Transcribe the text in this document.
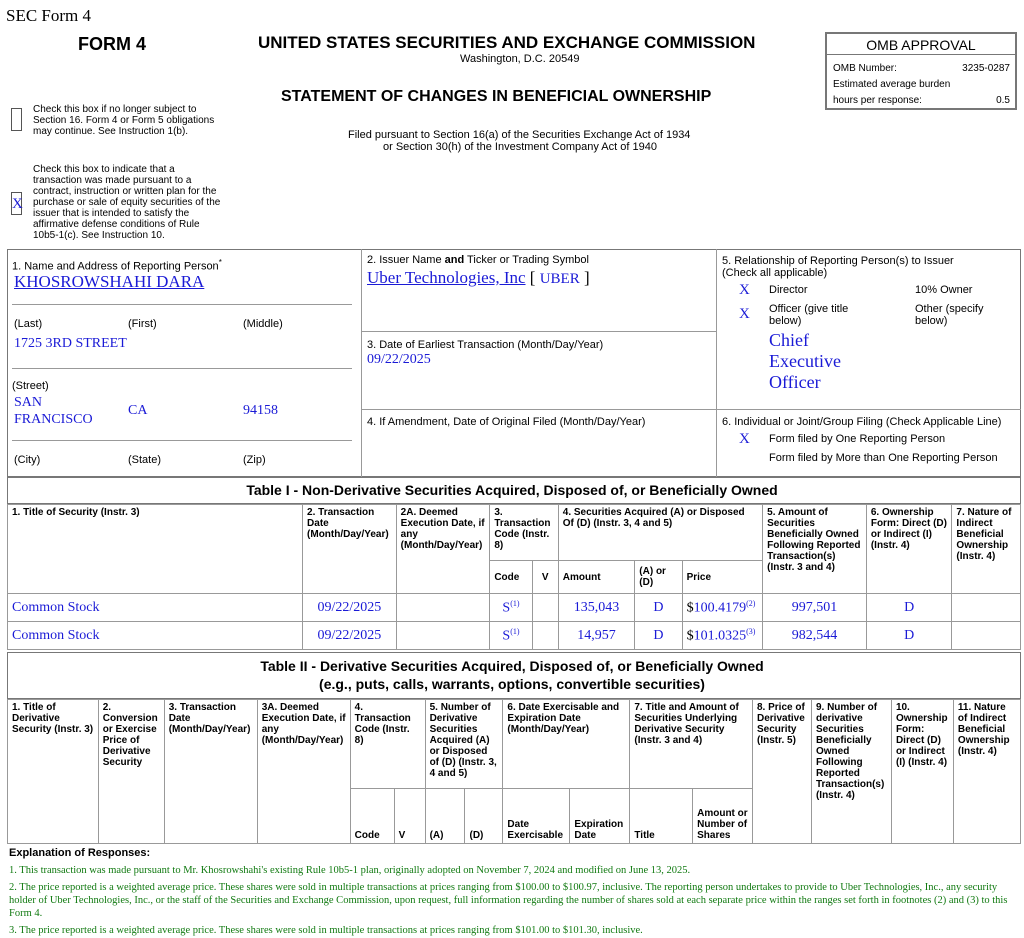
SEC Form 4
FORM 4	UNITED STATES SECURITIES AND EXCHANGE COMMISSION
Washington, D.C. 20549
STATEMENT OF CHANGES IN BENEFICIAL OWNERSHIP
Filed pursuant to Section 16(a) of the Securities Exchange Act of 1934
or Section 30(h) of the Investment Company Act of 1940
OMB APPROVAL
OMB Number:	3235-0287
Estimated average burden
hours per response:	0.5
Check this box if no longer subject to Section 16. Form 4 or Form 5 obligations may continue. See Instruction 1(b).
X
Check this box to indicate that a transaction was made pursuant to a contract, instruction or written plan for the purchase or sale of equity securities of the issuer that is intended to satisfy the affirmative defense conditions of Rule 10b5-1(c). See Instruction 10.
1. Name and Address of Reporting Person*
KHOSROWSHAHI DARA
(Last)	(First)	(Middle)
1725 3RD STREET
(Street)
SAN
FRANCISCO
CA	94158
(City)	(State)	(Zip)
2. Issuer Name and Ticker or Trading Symbol
Uber Technologies, Inc [ UBER ]
3. Date of Earliest Transaction (Month/Day/Year)
09/22/2025
4. If Amendment, Date of Original Filed (Month/Day/Year)
5. Relationship of Reporting Person(s) to Issuer
(Check all applicable)
X Director	10% Owner
X Officer (give title below)
Other (specify below)
Chief
Executive
Officer
6. Individual or Joint/Group Filing (Check Applicable Line)
X Form filed by One Reporting Person
Form filed by More than One Reporting Person
Table I - Non-Derivative Securities Acquired, Disposed of, or Beneficially Owned
1. Title of Security (Instr. 3)	2. Transaction Date (Month/Day/Year)	2A. Deemed Execution Date, if any (Month/Day/Year)	3. Transaction Code (Instr. 8)		4. Securities Acquired (A) or Disposed Of (D) (Instr. 3, 4 and 5)			5. Amount of Securities Beneficially Owned Following Reported Transaction(s) (Instr. 3 and 4)	6. Ownership Form: Direct (D) or Indirect (I) (Instr. 4)	7. Nature of Indirect Beneficial Ownership (Instr. 4)
			Code	V	Amount	(A) or (D)	Price			
Common Stock	09/22/2025		$S^{(1)}$		135,043	D	$100.4179$^{(2)}$	997,501	D	
Common Stock	09/22/2025		$S^{(1)}$		14,957	D	$101.0325$^{(3)}$	982,544	D	
Table II - Derivative Securities Acquired, Disposed of, or Beneficially Owned
(e.g., puts, calls, warrants, options, convertible securities)
1. Title of Derivative Security (Instr. 3)	2. Conversion or Exercise Price of Derivative Security	3. Transaction Date (Month/Day/Year)	3A. Deemed Execution Date, if any (Month/Day/Year)	4. Transaction Code (Instr. 8)		5. Number of Derivative Securities Acquired (A) or Disposed of (D) (Instr. 3, 4 and 5)		6. Date Exercisable and Expiration Date (Month/Day/Year)		7. Title and Amount of Securities Underlying Derivative Security (Instr. 3 and 4)		8. Price of Derivative Security (Instr. 5)	9. Number of derivative Securities Beneficially Owned Following Reported Transaction(s) (Instr. 4)	10. Ownership Form: Direct (D) or Indirect (I) (Instr. 4)	11. Nature of Indirect Beneficial Ownership (Instr. 4)
				Code	V	(A)	(D)	Date Exercisable	Expiration Date	Title	Amount or Number of Shares				
Explanation of Responses:
1. This transaction was made pursuant to Mr. Khosrowshahi's existing Rule 10b5-1 plan, originally adopted on November 7, 2024 and modified on June 13, 2025.
2. The price reported is a weighted average price. These shares were sold in multiple transactions at prices ranging from $100.00 to $100.97, inclusive. The reporting person undertakes to provide to Uber Technologies, Inc., any security holder of Uber Technologies, Inc., or the staff of the Securities and Exchange Commission, upon request, full information regarding the number of shares sold at each separate price within the ranges set forth in footnotes (2) and (3) to this Form 4.
3. The price reported is a weighted average price. These shares were sold in multiple transactions at prices ranging from $101.00 to $101.30, inclusive.
